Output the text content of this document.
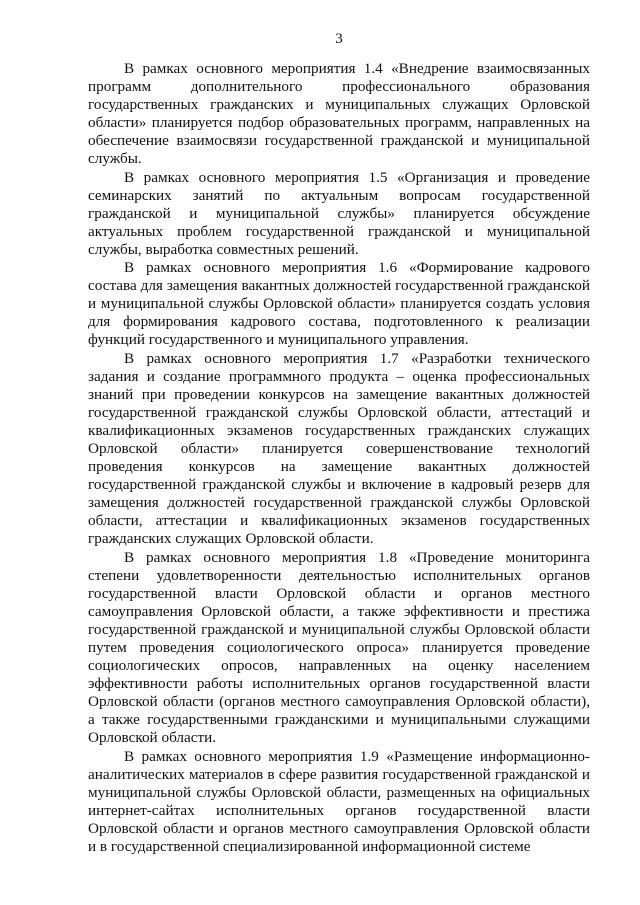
3

В рамках основного мероприятия 1.4 «Внедрение взаимосвязанных программ дополнительного профессионального образования государственных гражданских и муниципальных служащих Орловской области» планируется подбор образовательных программ, направленных на обеспечение взаимосвязи государственной гражданской и муниципальной службы.

В рамках основного мероприятия 1.5 «Организация и проведение семинарских занятий по актуальным вопросам государственной гражданской и муниципальной службы» планируется обсуждение актуальных проблем государственной гражданской и муниципальной службы, выработка совместных решений.

В рамках основного мероприятия 1.6 «Формирование кадрового состава для замещения вакантных должностей государственной гражданской и муниципальной службы Орловской области» планируется создать условия для формирования кадрового состава, подготовленного к реализации функций государственного и муниципального управления.

В рамках основного мероприятия 1.7 «Разработки технического задания и создание программного продукта – оценка профессиональных знаний при проведении конкурсов на замещение вакантных должностей государственной гражданской службы Орловской области, аттестаций и квалификационных экзаменов государственных гражданских служащих Орловской области» планируется совершенствование технологий проведения конкурсов на замещение вакантных должностей государственной гражданской службы и включение в кадровый резерв для замещения должностей государственной гражданской службы Орловской области, аттестации и квалификационных экзаменов государственных гражданских служащих Орловской области.

В рамках основного мероприятия 1.8 «Проведение мониторинга степени удовлетворенности деятельностью исполнительных органов государственной власти Орловской области и органов местного самоуправления Орловской области, а также эффективности и престижа государственной гражданской и муниципальной службы Орловской области путем проведения социологического опроса» планируется проведение социологических опросов, направленных на оценку населением эффективности работы исполнительных органов государственной власти Орловской области (органов местного самоуправления Орловской области), а также государственными гражданскими и муниципальными служащими Орловской области.

В рамках основного мероприятия 1.9 «Размещение информационно-аналитических материалов в сфере развития государственной гражданской и муниципальной службы Орловской области, размещенных на официальных интернет-сайтах исполнительных органов государственной власти Орловской области и органов местного самоуправления Орловской области и в государственной специализированной информационной системе
